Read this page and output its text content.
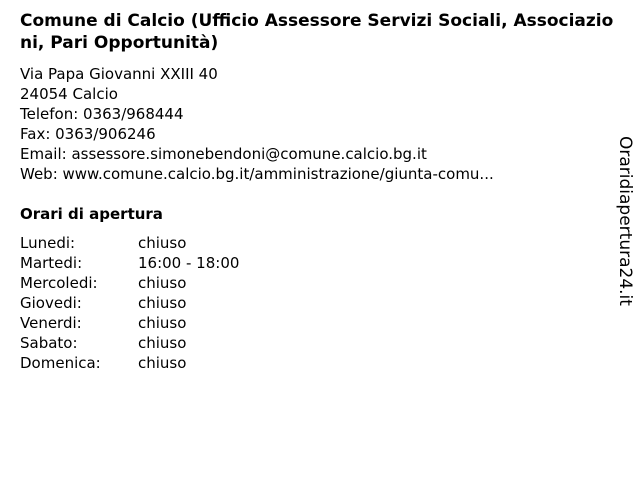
Comune di Calcio (Ufficio Assessore Servizi Sociali, Associazioni, Pari Opportunità)
Via Papa Giovanni XXIII 40
24054 Calcio
Telefon: 0363/968444
Fax: 0363/906246
Email: assessore.simonebendoni@comune.calcio.bg.it
Web: www.comune.calcio.bg.it/amministrazione/giunta-comu...
Orari di apertura
Lunedi:	chiuso
Martedi:	16:00 - 18:00
Mercoledi:	chiuso
Giovedi:	chiuso
Venerdi:	chiuso
Sabato:	chiuso
Domenica: chiuso
Oraridiapertura24.it
